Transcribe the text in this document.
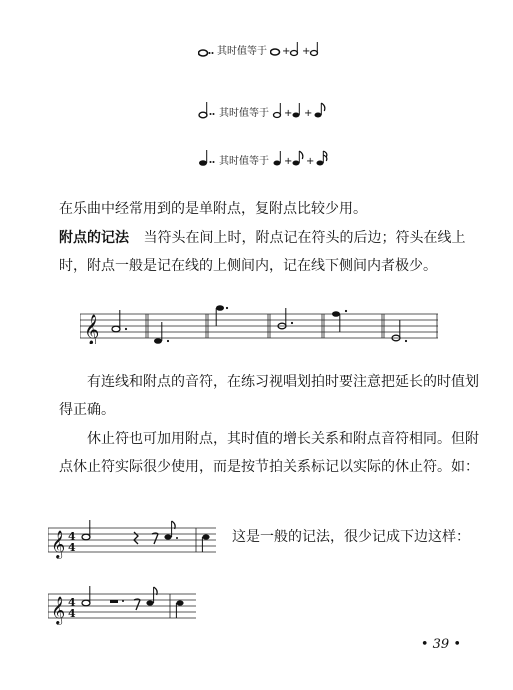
其时值等于 + +
其时值等于 + +
其时值等于 + +
在乐曲中经常用到的是单附点，复附点比较少用。
附点的记法 当符头在间上时，附点记在符头的后边；符头在线上时，附点一般是记在线的上侧间内，记在线下侧间内者极少。
𝄞
有连线和附点的音符，在练习视唱划拍时要注意把延长的时值划得正确。
休止符也可加用附点，其时值的增长关系和附点音符相同。但附点休止符实际很少使用，而是按节拍关系标记以实际的休止符。如：
𝄞 4
4
这是一般的记法，很少记成下边这样：
𝄞 4
4
• 39 •
